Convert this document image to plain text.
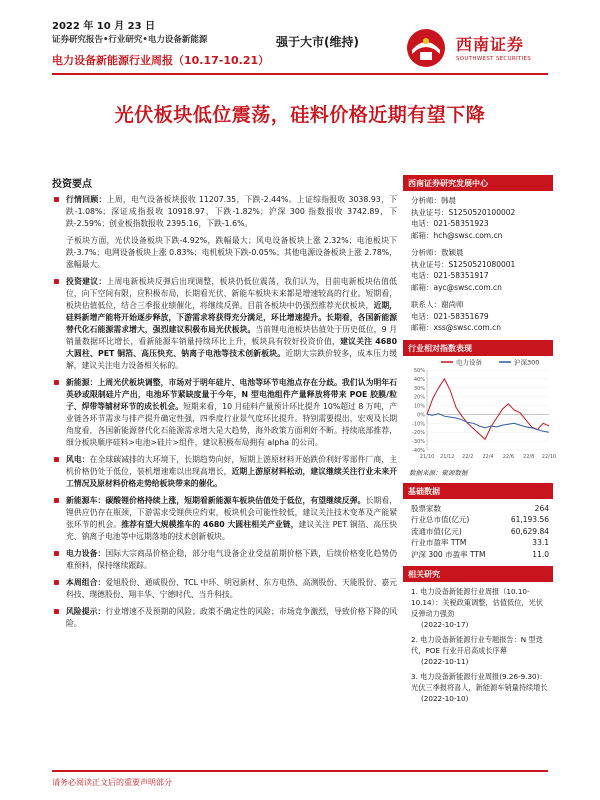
2022 年 10 月 23 日
证券研究报告•行业研究•电力设备新能源	强于大市(维持)
电力设备新能源行业周报（10.17-10.21）
西南证券
SOUTHWEST SECURITIES
光伏板块低位震荡，硅料价格近期有望下降
投资要点
行情回顾：上周，电气设备板块报收 11207.35，下跌-2.44%。上证综指报收 3038.93，下跌-1.08%；深证成指报收 10918.97，下跌-1.82%；沪深 300 指数报收 3742.89，下跌-2.59%；创业板指数报收 2395.16，下跌-1.6%。
子板块方面，光伏设备板块下跌-4.92%，跌幅最大；风电设备板块上涨 2.32%；电池板块下跌-3.7%；电网设备板块上涨 0.83%；电机板块下跌-0.05%；其他电源设备板块上涨 2.78%，涨幅最大。
投资建议：上周电新板块反弹后出现调整，板块仍低位震荡，我们认为，目前电新板块估值低位，向下空间有限，应积极布局，长期看光伏、新能车板块未来都是增速较高的行业。短期看，板块估值低位，结合三季报业绩催化，将继续反弹。目前各板块中仍强烈推荐光伏板块，近期，硅料新增产能将开始逐步释放，下游需求将获得充分满足，环比增速提升。长期看，各国新能源替代化石能源需求增大，强烈建议积极布局光伏板块。当前锂电池板块估值处于历史低位，9 月销量数据环比增长，看新能源车销量持续环比上升，板块具有较好投资价值，建议关注 4680 大圆柱、PET 铜箔、高压快充、钠离子电池等技术创新板块。近期大宗跌价较多，成本压力缓解，建议关注电力设备相关标的。
新能源：上周光伏板块调整，市场对于明年硅片、电池等环节电池点存在分歧。我们认为明年石英砂或限制硅片产出，电池环节紧缺度量于今年，N 型电池组件产量释放将带来 POE 胶膜/粒子、焊带等辅材环节的成长机会。短期来看，10 月硅料产量预计环比提升 10%超过 8 万吨，产业链各环节需求与排产提升确定性强，四季度行业景气度环比提升。特别需要提出，宏观及长期角度看，各国新能源替代化石能源需求增大是大趋势，海外政策方面利好不断。持续底部推荐，细分板块顺序硅料>电池>硅片>组件，建议积极布局拥有 alpha 的公司。
风电：在全球碳减排的大环境下，长期趋势向好，短期上游原材料开始跌价利好零部件厂商，主机价格仍处于低位，装机增速难以出现高增长，近期上游原材料松动，建议继续关注行业未来开工情况及原材料价格走势给板块带来的催化。
新能源车：碳酸锂价格持续上涨，短期看新能源车板块估值处于低位，有望继续反弹。长期看，锂供应仍存在瓶颈，下游需求受锂供应约束，板块机会可能性较低，建议关注技术变革及产能紧张环节的机会。推荐有望大规模推车的 4680 大圆柱相关产业链，建议关注 PET 铜箔、高压快充、钠离子电池等中远期落地的技术创新板块。
电力设备：国际大宗商品价格企稳，部分电气设备企业受益前期价格下跌，后续价格变化趋势仍难预料，保持继续跟踪。
本周组合：爱旭股份、通威股份、TCL 中环、明冠新材、东方电热、高测股份、天能股份、嘉元科技、璞德股份、翔丰华、宁德时代、当升科技。
风险提示：行业增速不及预期的风险；政策不确定性的风险；市场竞争激烈，导致价格下降的风险。
西南证券研究发展中心
分析师：韩晨
执业证号：S1250520100002
电话：021-58351923
邮箱：hch@swsc.com.cn
分析师：敖颖晨
执业证号：S1250521080001
电话：021-58351917
邮箱：ayc@swsc.com.cn
联系人：谢尚师
电话：021-58351679
邮箱：xss@swsc.com.cn
行业相对指数表现
电力设备	沪深300
50%
40%
30%
20%
10%
0%
-10%
-20%
-30%
-40%
21/10 21/12 22/2 22/4 22/6 22/8 22/10
数据来源：聚源数据
基础数据
股票家数	264
行业总市值(亿元)	61,193.56
流通市值(亿元)	60,629.84
行业市盈率 TTM	33.1
沪深 300 市盈率 TTM	11.0
相关研究
1. 电力设备新能源行业周报（10.10-10.14）：关税政策调整，估值低位，光伏反弹动力强劲
(2022-10-17)
2. 电力设备新能源行业专题报告：N 型迭代，POE 行业开启高成长序幕
(2022-10-11)
3. 电力设备新能源行业周报(9.26-9.30)：光伏三季报将喜人，新能源车销量持续增长
(2022-10-10)
请务必阅读正文后的重要声明部分
